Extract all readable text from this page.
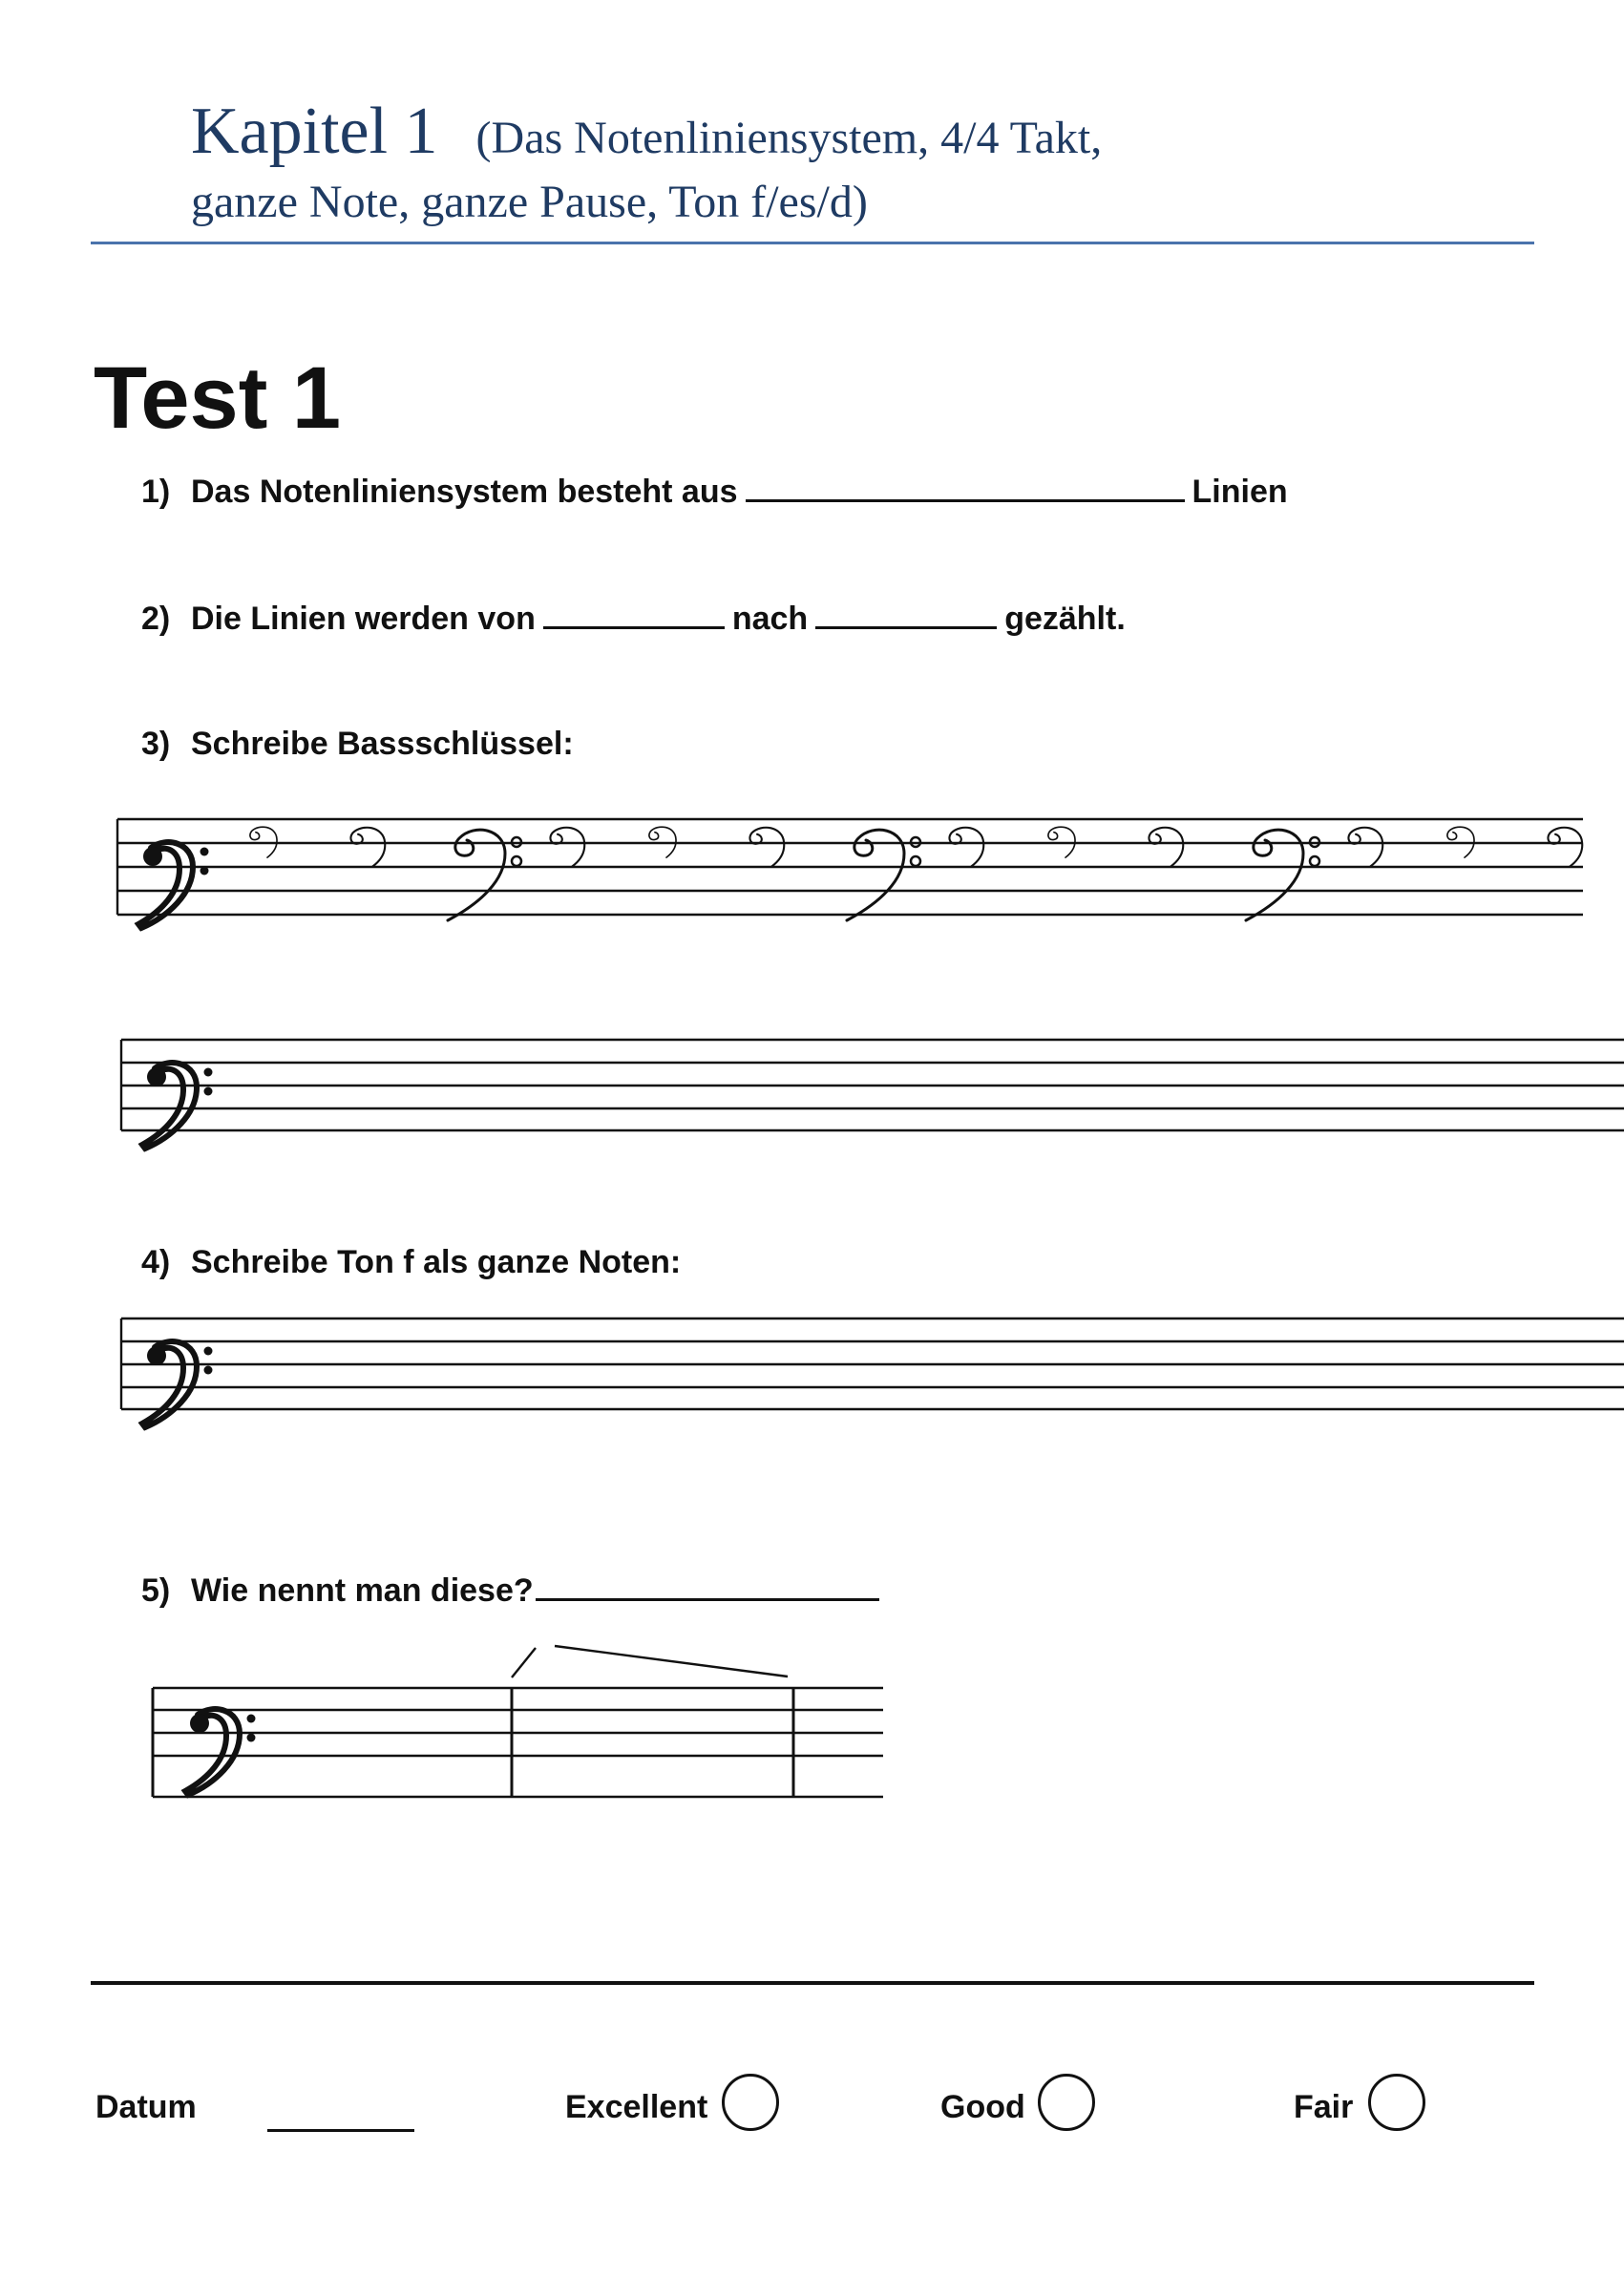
Kapitel 1 (Das Notenliniensystem, 4/4 Takt,
ganze Note, ganze Pause, Ton f/es/d)
Test 1
1) Das Notenliniensystem besteht aus	Linien
2) Die Linien werden von	nach	gezählt.
3) Schreibe Bassschlüssel:
4) Schreibe Ton f als ganze Noten:
5) Wie nennt man diese?
Datum	Excellent	Good	Fair
